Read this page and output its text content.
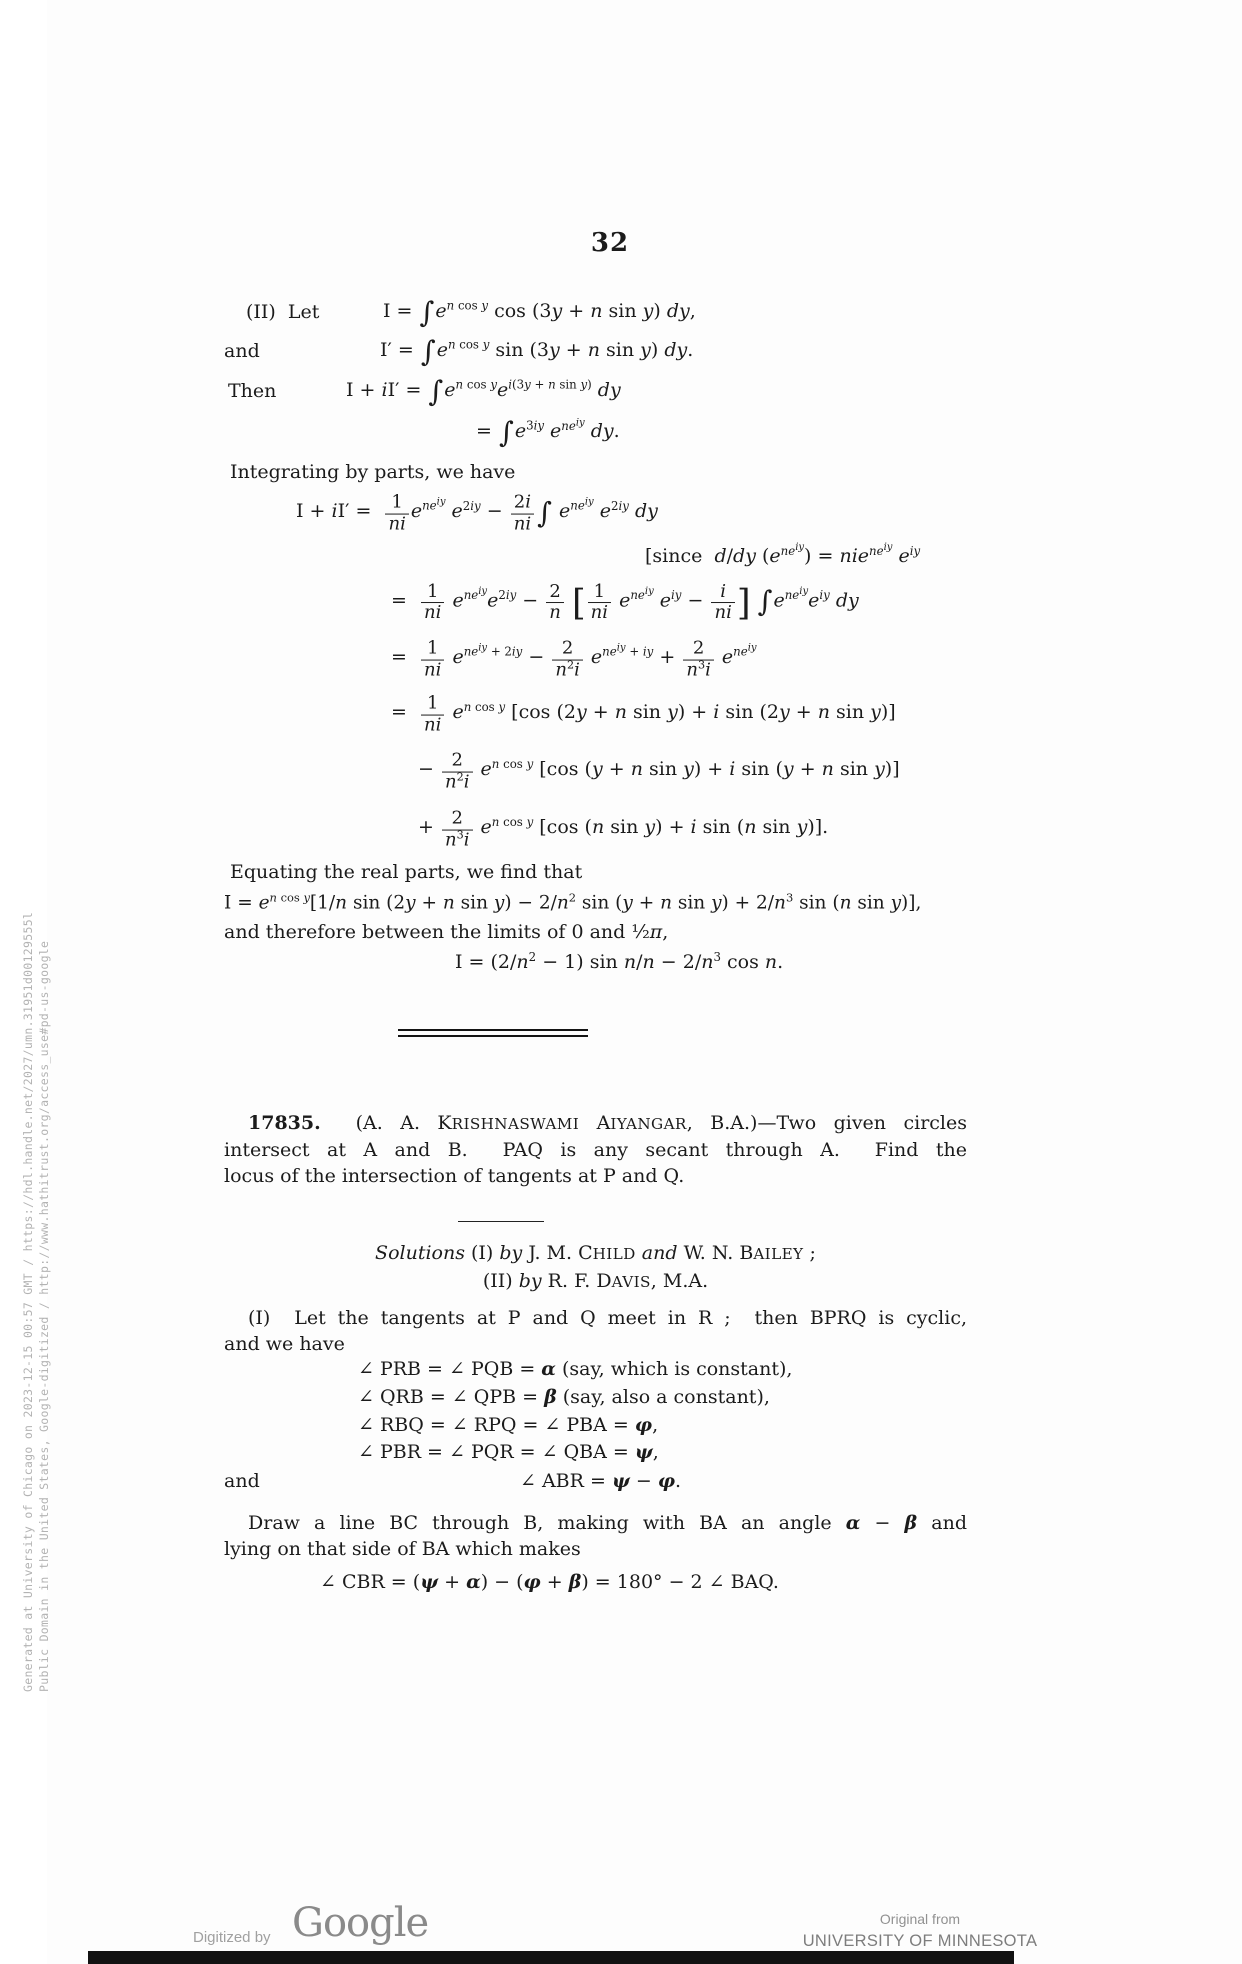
Generated at University of Chicago on 2023-12-15 00:57 GMT / https://hdl.handle.net/2027/umn.31951d00129555l Public Domain in the United States, Google-digitized / http://www.hathitrust.org/access_use#pd-us-google
32
(II)  Let	$I = \int e^{n cos y}$ cos (3y + n sin y) dy,
and	$I' = \int e^{n cos y}$ sin (3y + n sin y) dy.
Then	$I + iI' = \int e^{n cos y}e^{i(3y + n sin y)}$ dy
= $\int e^{3iy}$ $e^{ne^{iy}}$ dy.
Integrating by parts, we have
$I + iI' = \frac{1}{ni} e^{ne^{iy}}$ $e^{2iy} - \frac{2i}{ni}$ ∫ $e^{ne^{iy}}$ $e^{2iy}$ dy
[since  d/dy $(e^{ne^{iy}}) = nie^{ne^{iy}}$ $e^{iy}$
= $\frac{1}{ni} e^{ne^{iy}}e^{2iy} - \frac{2}{n}$ [ $\frac{1}{ni} e^{ne^{iy}}$ $e^{iy} - \frac{i}{ni}$ ] $\int e^{ne^{iy}}e^{iy}$ dy
= $\frac{1}{ni} e^{ne^{iy} + 2iy} - \frac{2}{n^2i} e^{ne^{iy} + iy} + \frac{2}{n^3i} e^{ne^{iy}}$
= $\frac{1}{ni} e^{n cos y}$ [cos (2y + n sin y) + i sin (2y + n sin y)]
− $\frac{2}{n^2i} e^{n cos y}$ [cos (y + n sin y) + i sin (y + n sin y)]
+ $\frac{2}{n^3i} e^{n cos y}$ [cos (n sin y) + i sin (n sin y)].
Equating the real parts, we find that
$I = e^{n cos y}[1/n$ sin (2y + n $\sin y) - 2/n^2$ sin (y + n $\sin y) + 2/n^3$ sin (n sin y)],
and therefore between the limits of 0 and ½π,
$I = (2/n^2 - 1)$ $\sin n/n - 2/n^3$ cos n.
17835.  (A. A. KRISHNASWAMI AIYANGAR, B.A.)—Two given circles
intersect at A and B.  PAQ is any secant through A.  Find the
locus of the intersection of tangents at P and Q.
Solutions (I) by J. M. CHILD and W. N. BAILEY ;
(II) by R. F. DAVIS, M.A.
(I)  Let the tangents at P and Q meet in R ;  then BPRQ is cyclic,
and we have
∠ PRB = ∠ PQB = α (say, which is constant),
∠ QRB = ∠ QPB = β (say, also a constant),
∠ RBQ = ∠ RPQ = ∠ PBA = φ,
∠ PBR = ∠ PQR = ∠ QBA = ψ,
and	∠ ABR = ψ − φ.
Draw a line BC through B, making with BA an angle α − β and
lying on that side of BA which makes
∠ CBR = (ψ + α) − (φ + β) = 180° − 2 ∠ BAQ.
Digitized by Google	Original from
UNIVERSITY OF MINNESOTA
